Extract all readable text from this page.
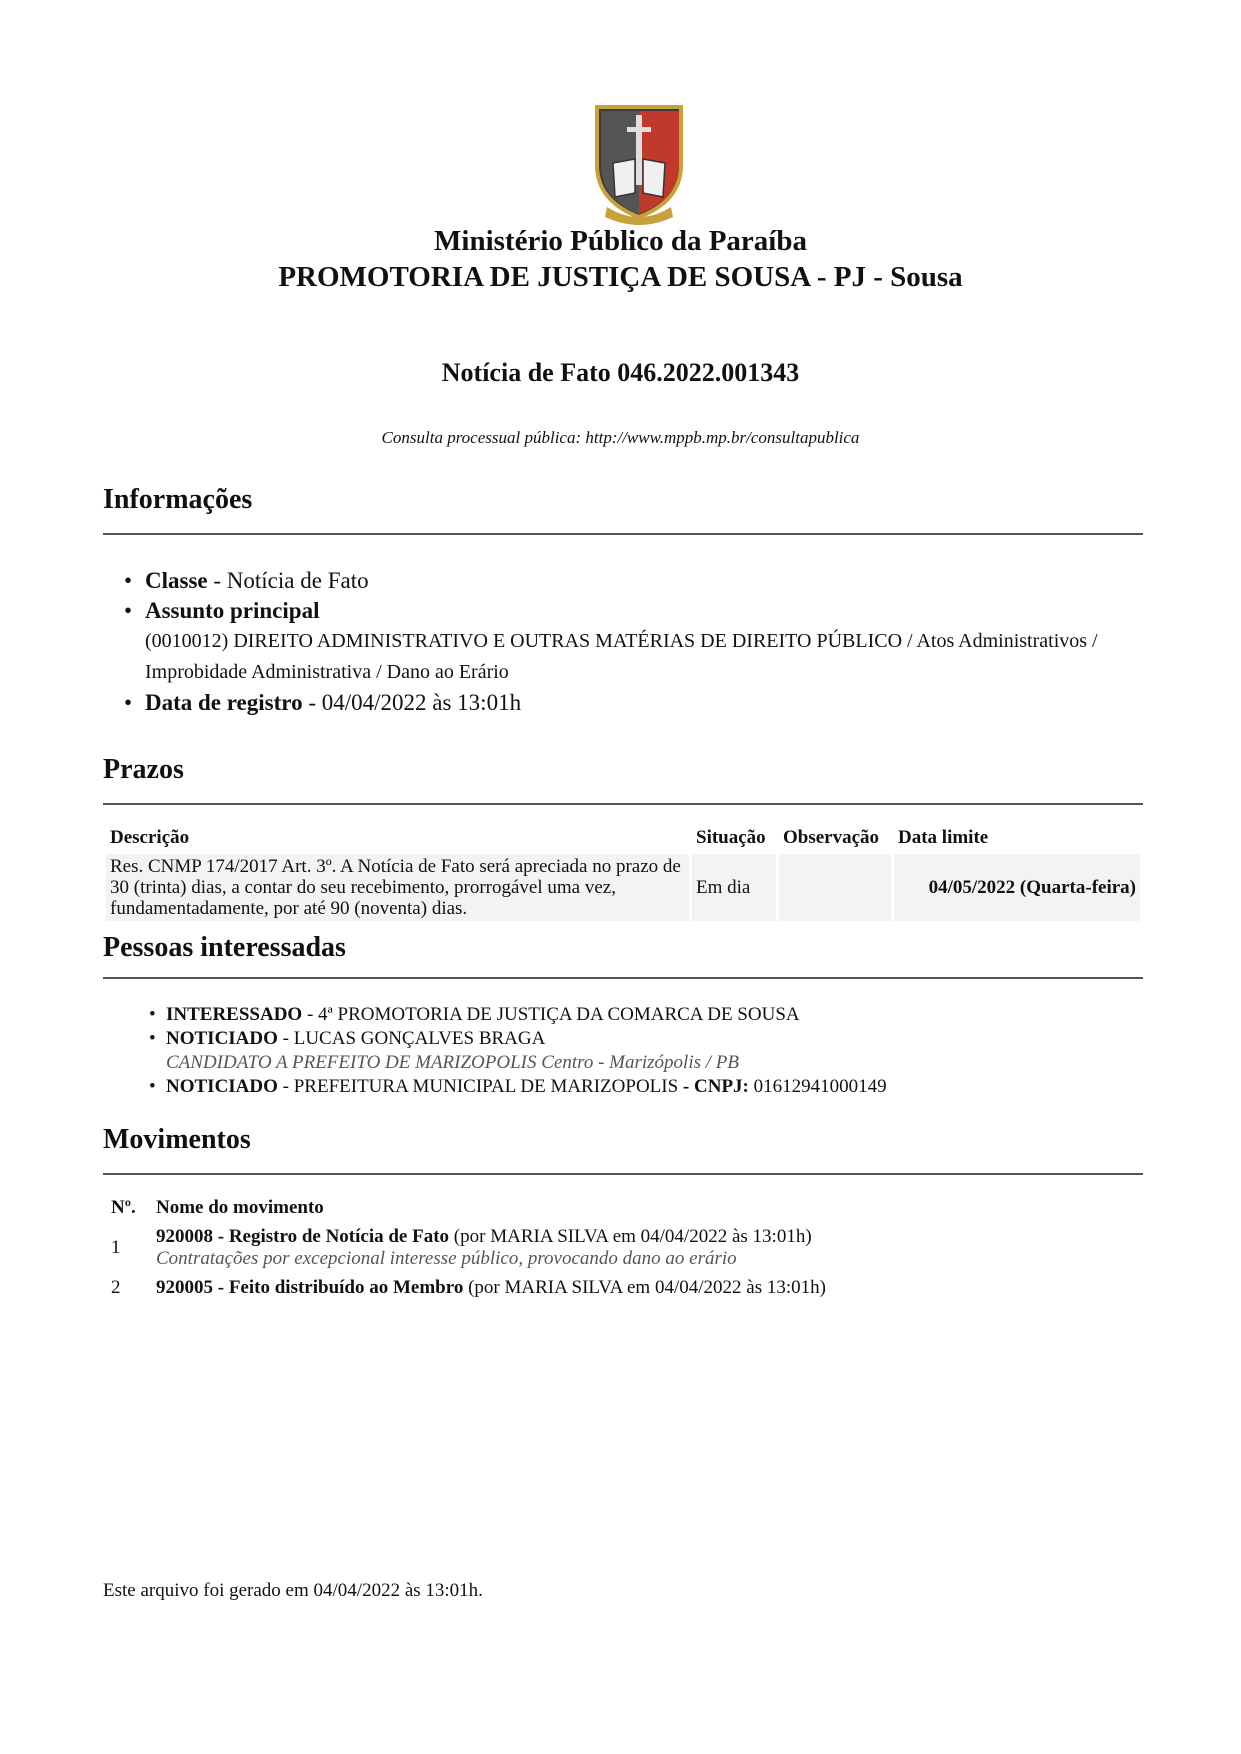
Ministério Público da Paraíba
PROMOTORIA DE JUSTIÇA DE SOUSA - PJ - Sousa
Notícia de Fato 046.2022.001343
Consulta processual pública: http://www.mppb.mp.br/consultapublica
Informações
• Classe - Notícia de Fato
• Assunto principal
(0010012) DIREITO ADMINISTRATIVO E OUTRAS MATÉRIAS DE DIREITO PÚBLICO / Atos Administrativos / Improbidade Administrativa / Dano ao Erário
• Data de registro - 04/04/2022 às 13:01h
Prazos
Descrição	Situação	Observação	Data limite
Res. CNMP 174/2017 Art. 3º. A Notícia de Fato será apreciada no prazo de 30 (trinta) dias, a contar do seu recebimento, prorrogável uma vez, fundamentadamente, por até 90 (noventa) dias.	Em dia		04/05/2022 (Quarta-feira)
Pessoas interessadas
• INTERESSADO - 4ª PROMOTORIA DE JUSTIÇA DA COMARCA DE SOUSA
• NOTICIADO - LUCAS GONÇALVES BRAGA
CANDIDATO A PREFEITO DE MARIZOPOLIS Centro - Marizópolis / PB
• NOTICIADO - PREFEITURA MUNICIPAL DE MARIZOPOLIS - CNPJ: 01612941000149
Movimentos
Nº.	Nome do movimento
1	920008 - Registro de Notícia de Fato (por MARIA SILVA em 04/04/2022 às 13:01h)
Contratações por excepcional interesse público, provocando dano ao erário

2	920005 - Feito distribuído ao Membro (por MARIA SILVA em 04/04/2022 às 13:01h)
Este arquivo foi gerado em 04/04/2022 às 13:01h.
